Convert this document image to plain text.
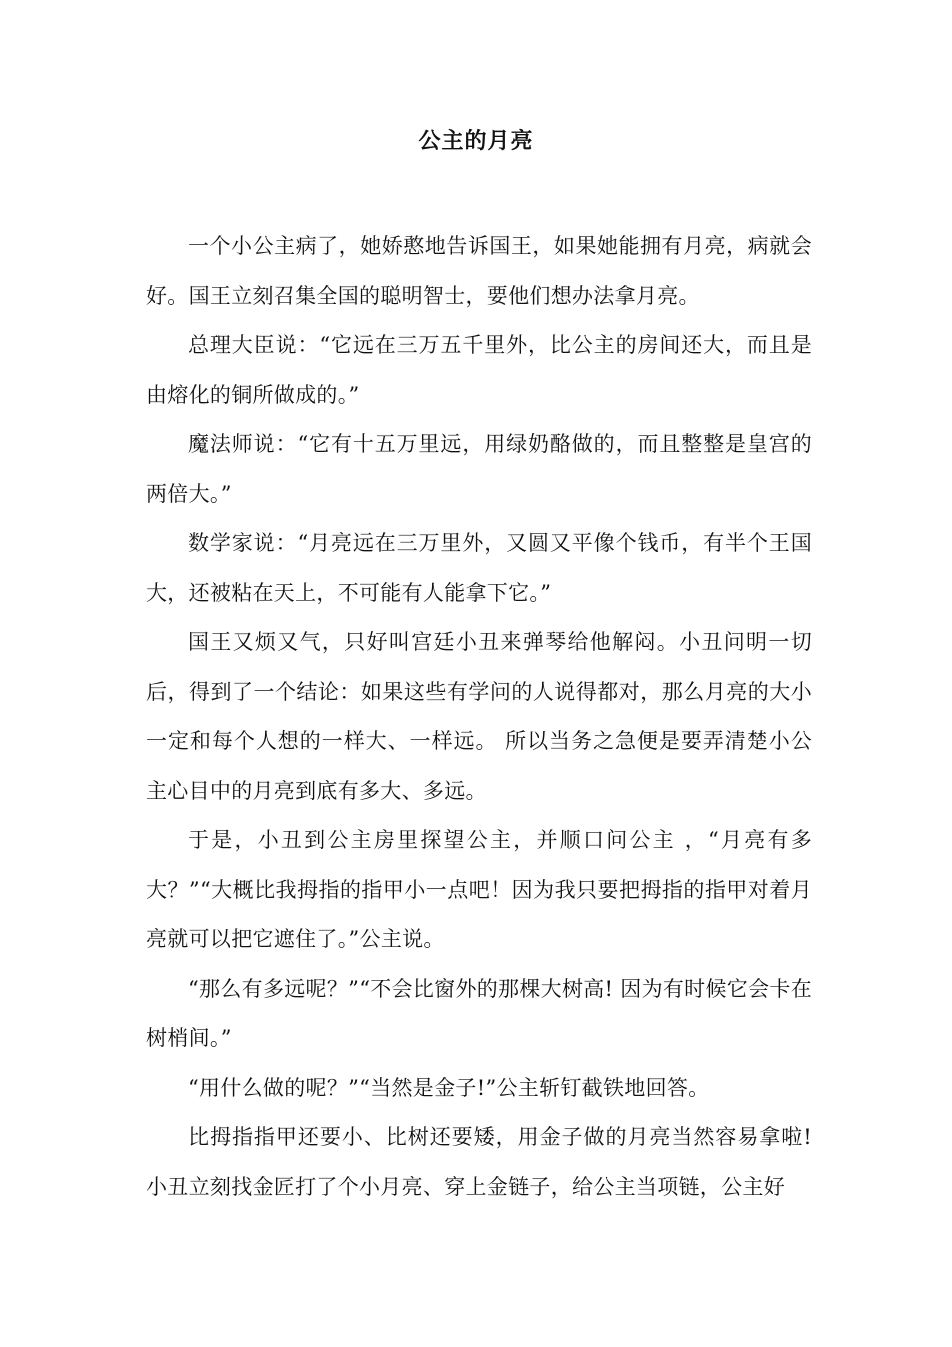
公主的月亮

一个小公主病了，她娇憨地告诉国王，如果她能拥有月亮，病就会好。国王立刻召集全国的聪明智士，要他们想办法拿月亮。

总理大臣说：“它远在三万五千里外，比公主的房间还大，而且是由熔化的铜所做成的。”

魔法师说：“它有十五万里远，用绿奶酪做的，而且整整是皇宫的两倍大。”

数学家说：“月亮远在三万里外，又圆又平像个钱币，有半个王国大，还被粘在天上，不可能有人能拿下它。”

国王又烦又气，只好叫宫廷小丑来弹琴给他解闷。小丑问明一切后，得到了一个结论：如果这些有学问的人说得都对，那么月亮的大小一定和每个人想的一样大、一样远。 所以当务之急便是要弄清楚小公主心目中的月亮到底有多大、多远。

于是，小丑到公主房里探望公主，并顺口问公主 ，“月亮有多大？”“大概比我拇指的指甲小一点吧！因为我只要把拇指的指甲对着月亮就可以把它遮住了。”公主说。

“那么有多远呢？”“不会比窗外的那棵大树高! 因为有时候它会卡在树梢间。”

“用什么做的呢？”“当然是金子!”公主斩钉截铁地回答。

比拇指指甲还要小、比树还要矮，用金子做的月亮当然容易拿啦!小丑立刻找金匠打了个小月亮、穿上金链子，给公主当项链，公主好
